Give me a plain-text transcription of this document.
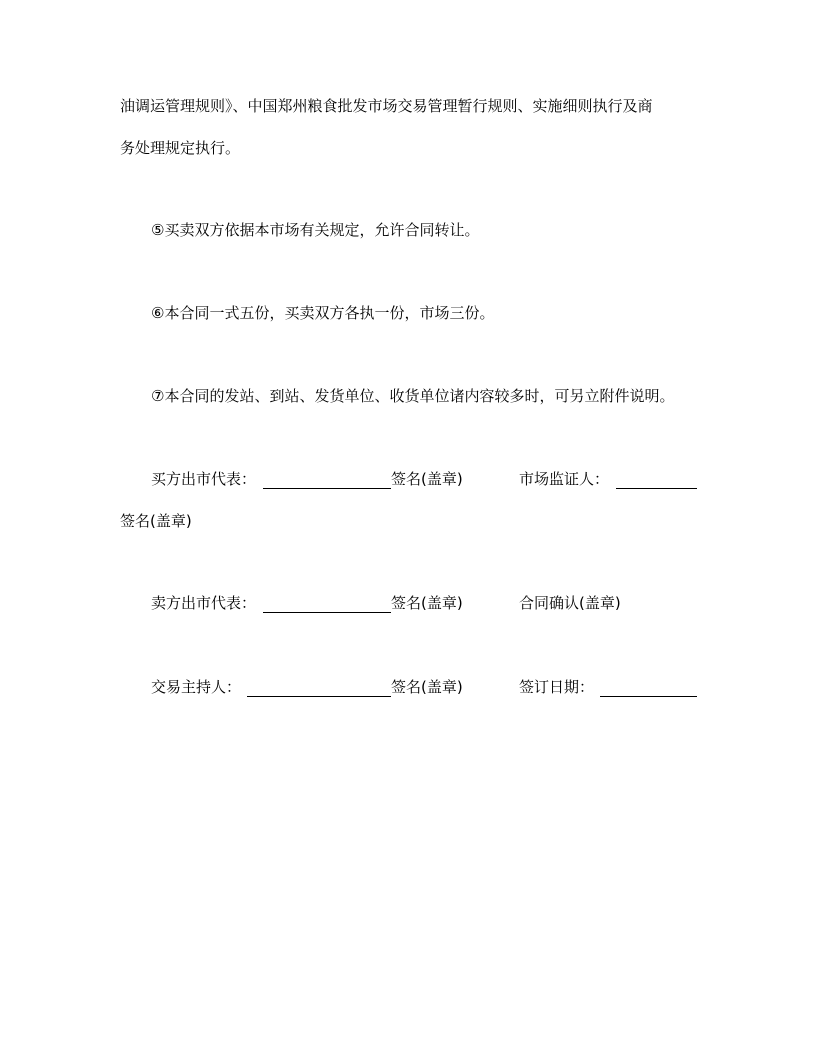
油调运管理规则》、中国郑州粮食批发市场交易管理暂行规则、实施细则执行及商
务处理规定执行。
⑤买卖双方依据本市场有关规定，允许合同转让。
⑥本合同一式五份，买卖双方各执一份，市场三份。
⑦本合同的发站、到站、发货单位、收货单位诸内容较多时，可另立附件说明。
买方出市代表：	签名(盖章)	市场监证人：
签名(盖章)
卖方出市代表：	签名(盖章)	合同确认(盖章)
交易主持人：	签名(盖章)	签订日期：
